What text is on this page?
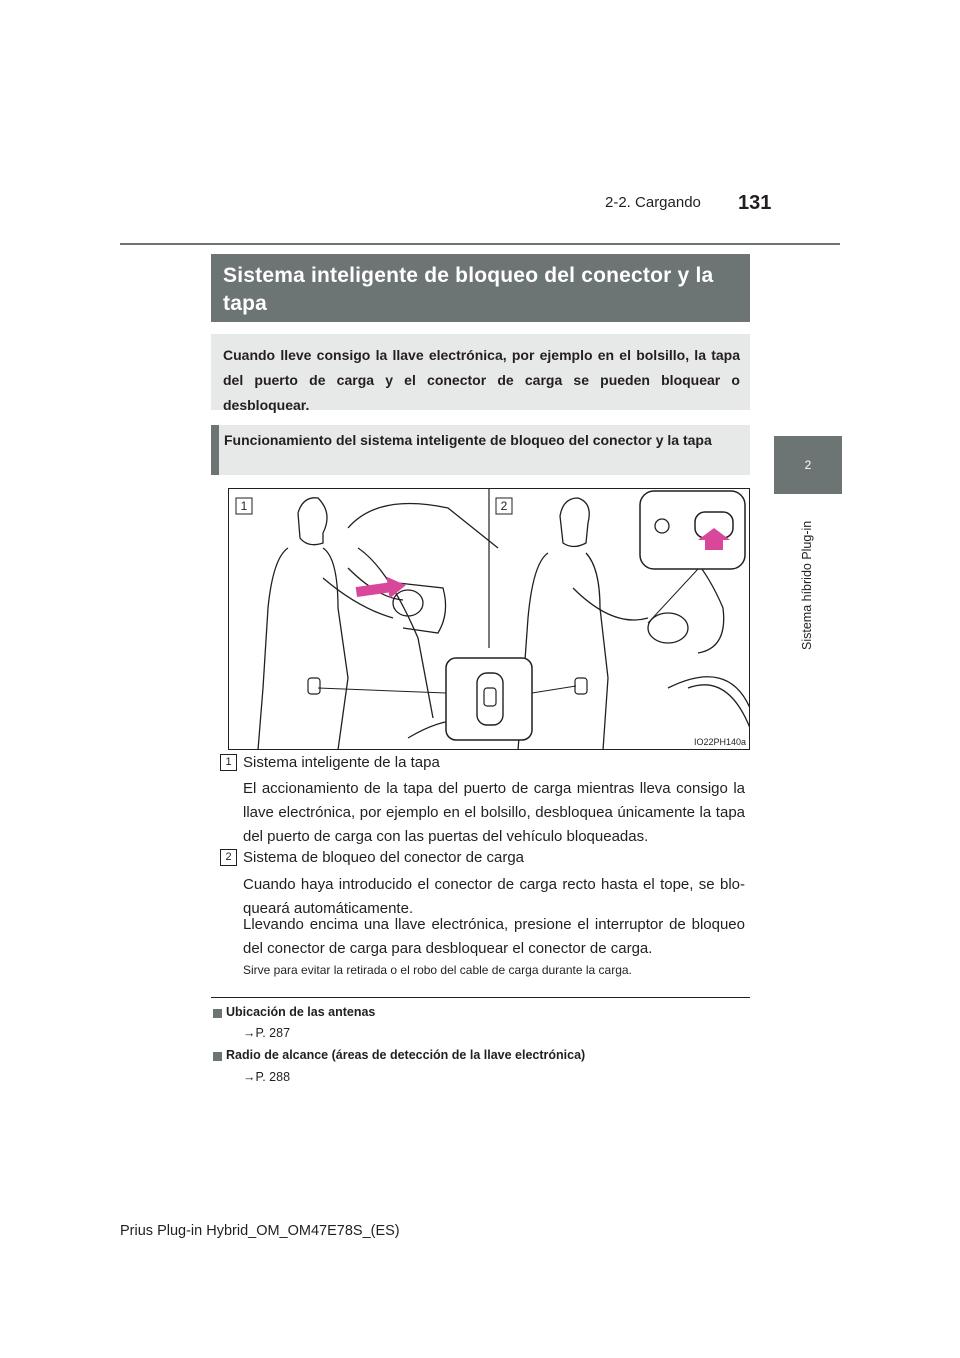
131
2-2. Cargando
2
Sistema híbrido Plug-in
Sistema inteligente de bloqueo del conector y la tapa
Cuando lleve consigo la llave electrónica, por ejemplo en el bolsillo, la tapa del puerto de carga y el conector de carga se pueden bloquear o desbloquear.
Funcionamiento del sistema inteligente de bloqueo del conector y la tapa
1	2
IO22PH140a
1 Sistema inteligente de la tapa
El accionamiento de la tapa del puerto de carga mientras lleva consigo la llave electrónica, por ejemplo en el bolsillo, desbloquea únicamente la tapa del puerto de carga con las puertas del vehículo bloqueadas.
2 Sistema de bloqueo del conector de carga
Cuando haya introducido el conector de carga recto hasta el tope, se blo-queará automáticamente.
Llevando encima una llave electrónica, presione el interruptor de bloqueo del conector de carga para desbloquear el conector de carga.
Sirve para evitar la retirada o el robo del cable de carga durante la carga.
Ubicación de las antenas
→P. 287
Radio de alcance (áreas de detección de la llave electrónica)
→P. 288
Prius Plug-in Hybrid_OM_OM47E78S_(ES)
